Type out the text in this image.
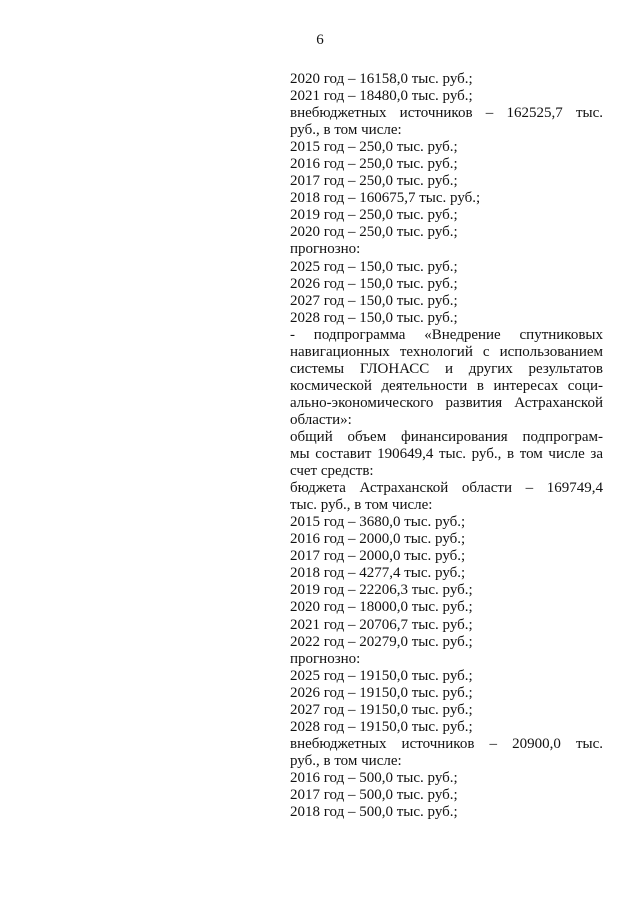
6
2020 год – 16158,0 тыс. руб.;
2021 год – 18480,0 тыс. руб.;
внебюджетных источников – 162525,7 тыс.
руб., в том числе:
2015 год – 250,0 тыс. руб.;
2016 год – 250,0 тыс. руб.;
2017 год – 250,0 тыс. руб.;
2018 год – 160675,7 тыс. руб.;
2019 год – 250,0 тыс. руб.;
2020 год – 250,0 тыс. руб.;
прогнозно:
2025 год – 150,0 тыс. руб.;
2026 год – 150,0 тыс. руб.;
2027 год – 150,0 тыс. руб.;
2028 год – 150,0 тыс. руб.;
- подпрограмма «Внедрение спутниковых
навигационных технологий с использованием
системы ГЛОНАСС и других результатов
космической деятельности в интересах соци-
ально-экономического развития Астраханской
области»:
общий объем финансирования подпрограм-
мы составит 190649,4 тыс. руб., в том числе за
счет средств:
бюджета Астраханской области – 169749,4
тыс. руб., в том числе:
2015 год – 3680,0 тыс. руб.;
2016 год – 2000,0 тыс. руб.;
2017 год – 2000,0 тыс. руб.;
2018 год – 4277,4 тыс. руб.;
2019 год – 22206,3 тыс. руб.;
2020 год – 18000,0 тыс. руб.;
2021 год – 20706,7 тыс. руб.;
2022 год – 20279,0 тыс. руб.;
прогнозно:
2025 год – 19150,0 тыс. руб.;
2026 год – 19150,0 тыс. руб.;
2027 год – 19150,0 тыс. руб.;
2028 год – 19150,0 тыс. руб.;
внебюджетных источников – 20900,0 тыс.
руб., в том числе:
2016 год – 500,0 тыс. руб.;
2017 год – 500,0 тыс. руб.;
2018 год – 500,0 тыс. руб.;
